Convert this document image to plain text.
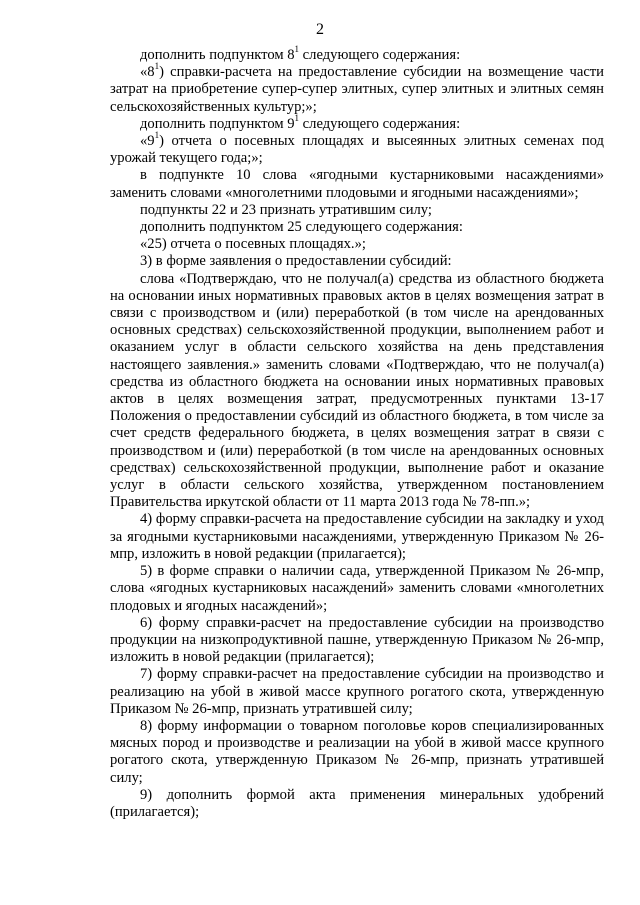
2

дополнить подпунктом $8^1$ следующего содержания:

«$8^1$) справки-расчета на предоставление субсидии на возмещение части затрат на приобретение супер-супер элитных, супер элитных и элитных семян сельскохозяйственных культур;»;

дополнить подпунктом $9^1$ следующего содержания:

«$9^1$) отчета о посевных площадях и высеянных элитных семенах под урожай текущего года;»;

в подпункте 10 слова «ягодными кустарниковыми насаждениями» заменить словами «многолетними плодовыми и ягодными насаждениями»;

подпункты 22 и 23 признать утратившим силу;

дополнить подпунктом 25 следующего содержания:

«25) отчета о посевных площадях.»;

3) в форме заявления о предоставлении субсидий:

слова «Подтверждаю, что не получал(а) средства из областного бюджета на основании иных нормативных правовых актов в целях возмещения затрат в связи с производством и (или) переработкой (в том числе на арендованных основных средствах) сельскохозяйственной продукции, выполнением работ и оказанием услуг в области сельского хозяйства на день представления настоящего заявления.» заменить словами «Подтверждаю, что не получал(а) средства из областного бюджета на основании иных нормативных правовых актов в целях возмещения затрат, предусмотренных пунктами 13-17 Положения о предоставлении субсидий из областного бюджета, в том числе за счет средств федерального бюджета, в целях возмещения затрат в связи с производством и (или) переработкой (в том числе на арендованных основных средствах) сельскохозяйственной продукции, выполнение работ и оказание услуг в области сельского хозяйства, утвержденном постановлением Правительства иркутской области от 11 марта 2013 года № 78-пп.»;

4) форму справки-расчета на предоставление субсидии на закладку и уход за ягодными кустарниковыми насаждениями, утвержденную Приказом № 26-мпр, изложить в новой редакции (прилагается);

5) в форме справки о наличии сада, утвержденной Приказом № 26-мпр, слова «ягодных кустарниковых насаждений» заменить словами «многолетних плодовых и ягодных насаждений»;

6) форму справки-расчет на предоставление субсидии на производство продукции на низкопродуктивной пашне, утвержденную Приказом № 26-мпр, изложить в новой редакции (прилагается);

7) форму справки-расчет на предоставление субсидии на производство и реализацию на убой в живой массе крупного рогатого скота, утвержденную Приказом № 26-мпр, признать утратившей силу;

8) форму информации о товарном поголовье коров специализированных мясных пород и производстве и реализации на убой в живой массе крупного рогатого скота, утвержденную Приказом № 26-мпр, признать утратившей силу;

9) дополнить формой акта применения минеральных удобрений (прилагается);
